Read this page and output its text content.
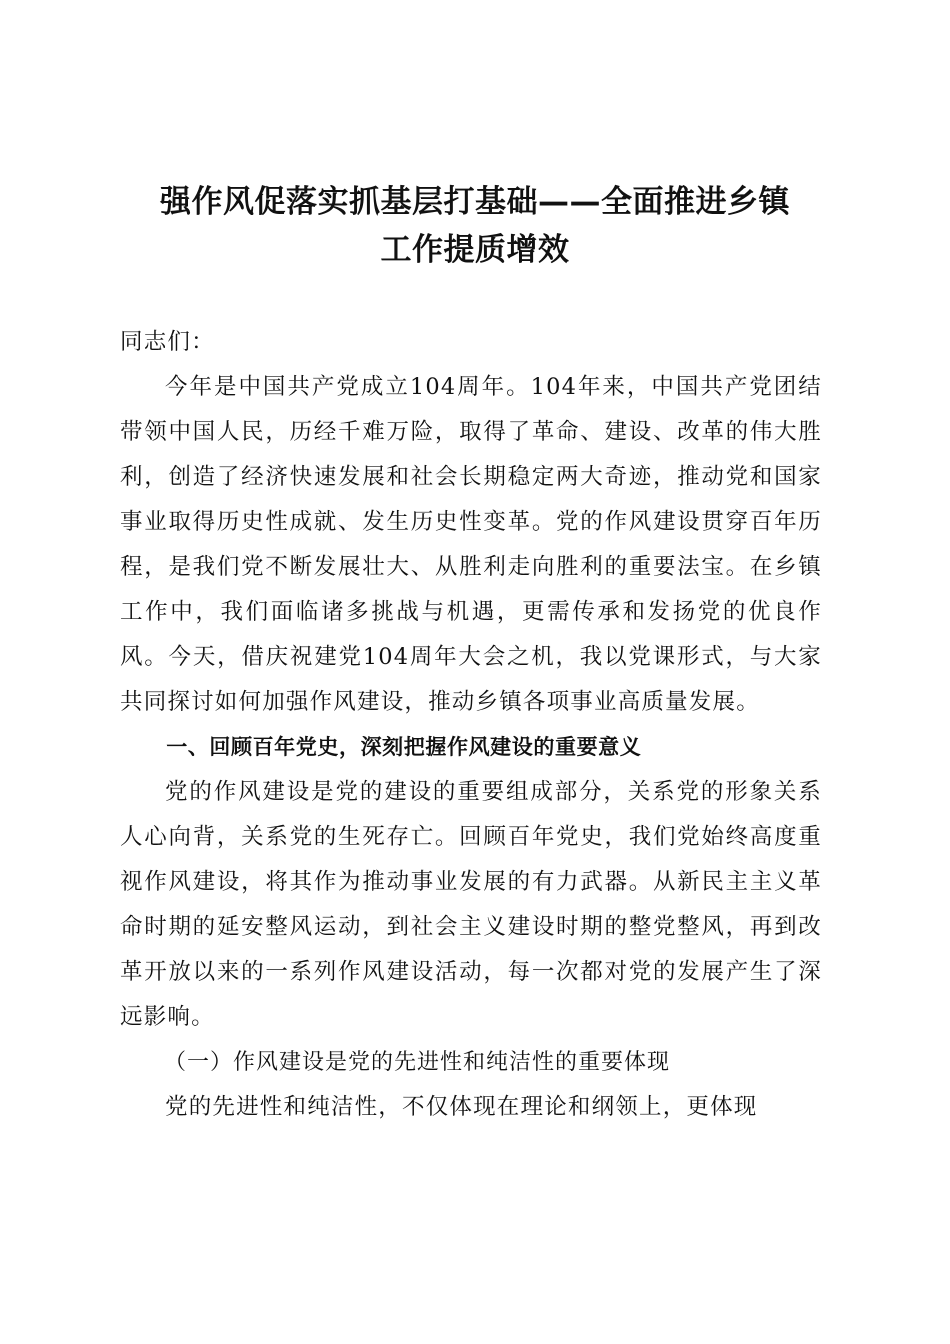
强作风促落实抓基层打基础——全面推进乡镇
工作提质增效

同志们：

今年是中国共产党成立104周年。104年来，中国共产党团结带领中国人民，历经千难万险，取得了革命、建设、改革的伟大胜利，创造了经济快速发展和社会长期稳定两大奇迹，推动党和国家事业取得历史性成就、发生历史性变革。党的作风建设贯穿百年历程，是我们党不断发展壮大、从胜利走向胜利的重要法宝。在乡镇工作中，我们面临诸多挑战与机遇，更需传承和发扬党的优良作风。今天，借庆祝建党104周年大会之机，我以党课形式，与大家共同探讨如何加强作风建设，推动乡镇各项事业高质量发展。

一、回顾百年党史，深刻把握作风建设的重要意义

党的作风建设是党的建设的重要组成部分，关系党的形象关系人心向背，关系党的生死存亡。回顾百年党史，我们党始终高度重视作风建设，将其作为推动事业发展的有力武器。从新民主主义革命时期的延安整风运动，到社会主义建设时期的整党整风，再到改革开放以来的一系列作风建设活动，每一次都对党的发展产生了深远影响。

（一）作风建设是党的先进性和纯洁性的重要体现

党的先进性和纯洁性，不仅体现在理论和纲领上，更体现
